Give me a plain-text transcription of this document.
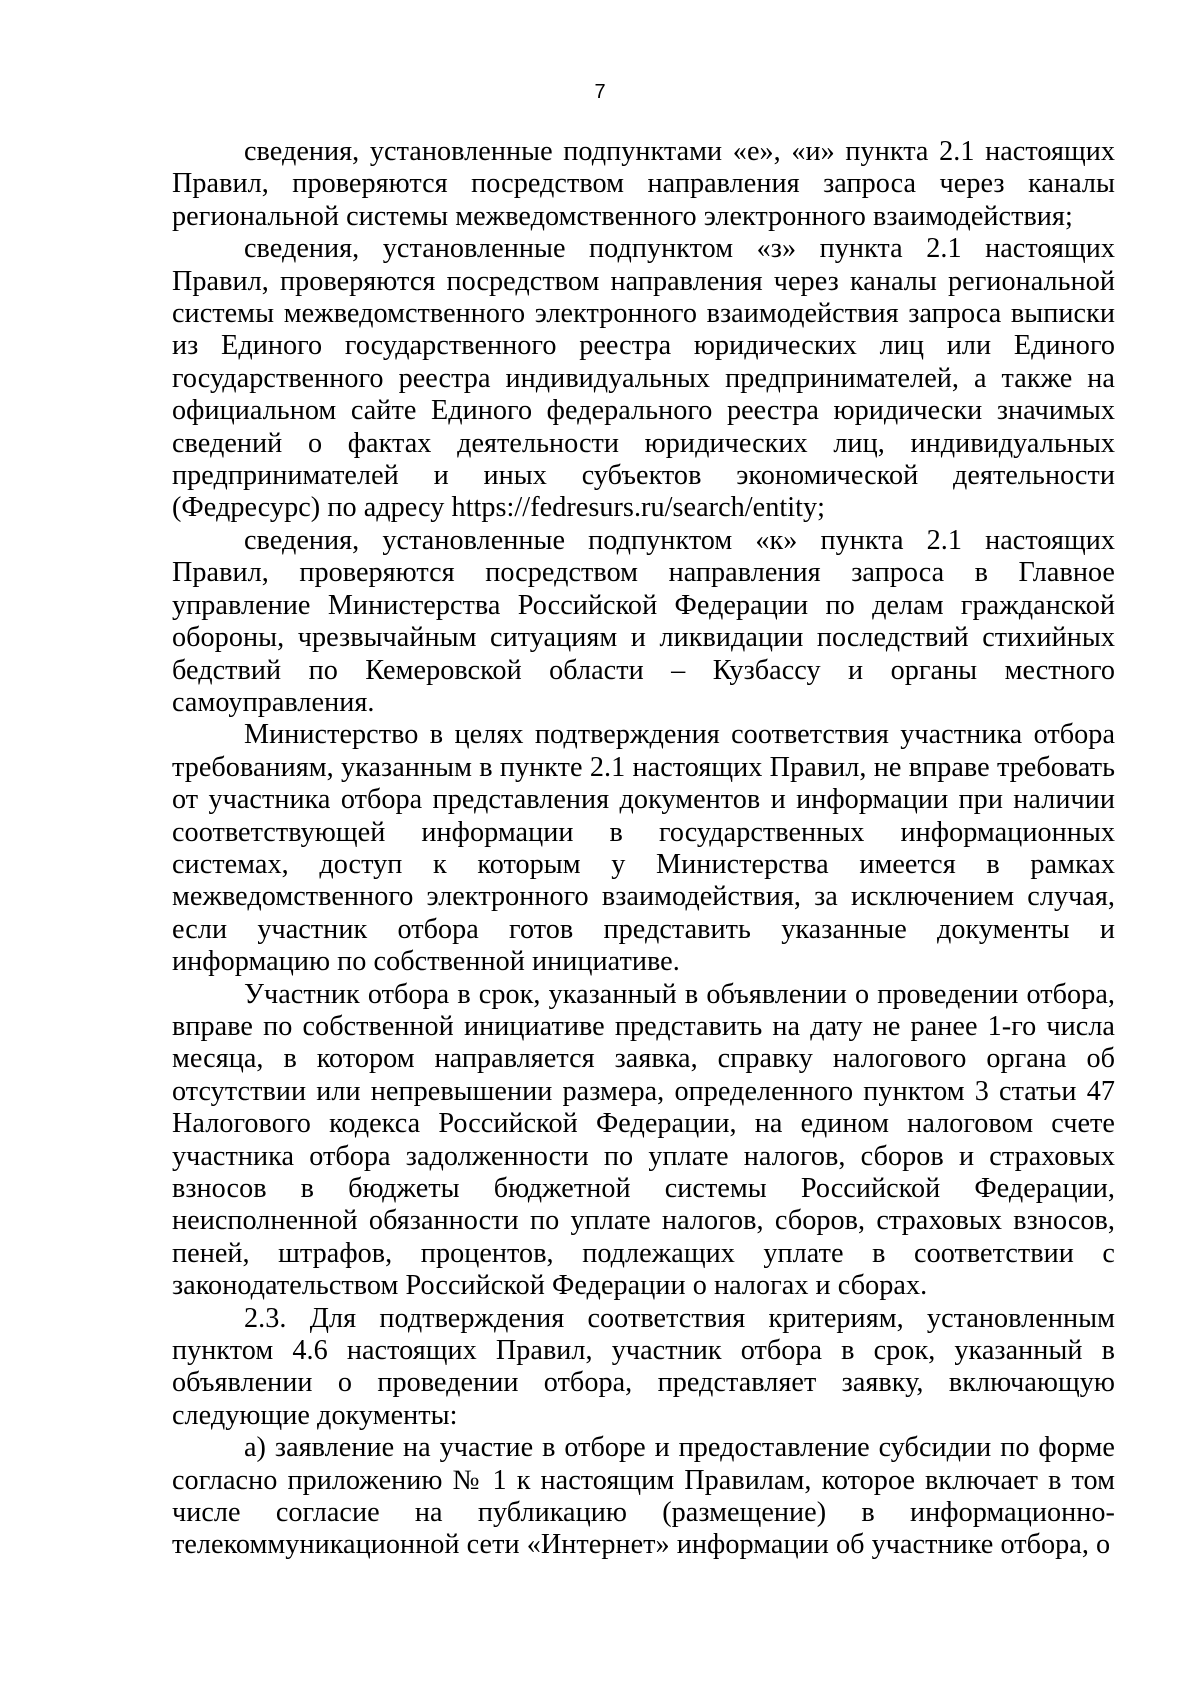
7

сведения, установленные подпунктами «е», «и» пункта 2.1 настоящих Правил, проверяются посредством направления запроса через каналы региональной системы межведомственного электронного взаимодействия;

сведения, установленные подпунктом «з» пункта 2.1 настоящих Правил, проверяются посредством направления через каналы региональной системы межведомственного электронного взаимодействия запроса выписки из Единого государственного реестра юридических лиц или Единого государственного реестра индивидуальных предпринимателей, а также на официальном сайте Единого федерального реестра юридически значимых сведений о фактах деятельности юридических лиц, индивидуальных предпринимателей и иных субъектов экономической деятельности (Федресурс) по адресу https://fedresurs.ru/search/entity;

сведения, установленные подпунктом «к» пункта 2.1 настоящих Правил, проверяются посредством направления запроса в Главное управление Министерства Российской Федерации по делам гражданской обороны, чрезвычайным ситуациям и ликвидации последствий стихийных бедствий по Кемеровской области – Кузбассу и органы местного самоуправления.

Министерство в целях подтверждения соответствия участника отбора требованиям, указанным в пункте 2.1 настоящих Правил, не вправе требовать от участника отбора представления документов и информации при наличии соответствующей информации в государственных информационных системах, доступ к которым у Министерства имеется в рамках межведомственного электронного взаимодействия, за исключением случая, если участник отбора готов представить указанные документы и информацию по собственной инициативе.

Участник отбора в срок, указанный в объявлении о проведении отбора, вправе по собственной инициативе представить на дату не ранее 1-го числа месяца, в котором направляется заявка, справку налогового органа об отсутствии или непревышении размера, определенного пунктом 3 статьи 47 Налогового кодекса Российской Федерации, на едином налоговом счете участника отбора задолженности по уплате налогов, сборов и страховых взносов в бюджеты бюджетной системы Российской Федерации, неисполненной обязанности по уплате налогов, сборов, страховых взносов, пеней, штрафов, процентов, подлежащих уплате в соответствии с законодательством Российской Федерации о налогах и сборах.

2.3. Для подтверждения соответствия критериям, установленным пунктом 4.6 настоящих Правил, участник отбора в срок, указанный в объявлении о проведении отбора, представляет заявку, включающую следующие документы:

а) заявление на участие в отборе и предоставление субсидии по форме согласно приложению № 1 к настоящим Правилам, которое включает в том числе согласие на публикацию (размещение) в информационно-телекоммуникационной сети «Интернет» информации об участнике отбора, о
